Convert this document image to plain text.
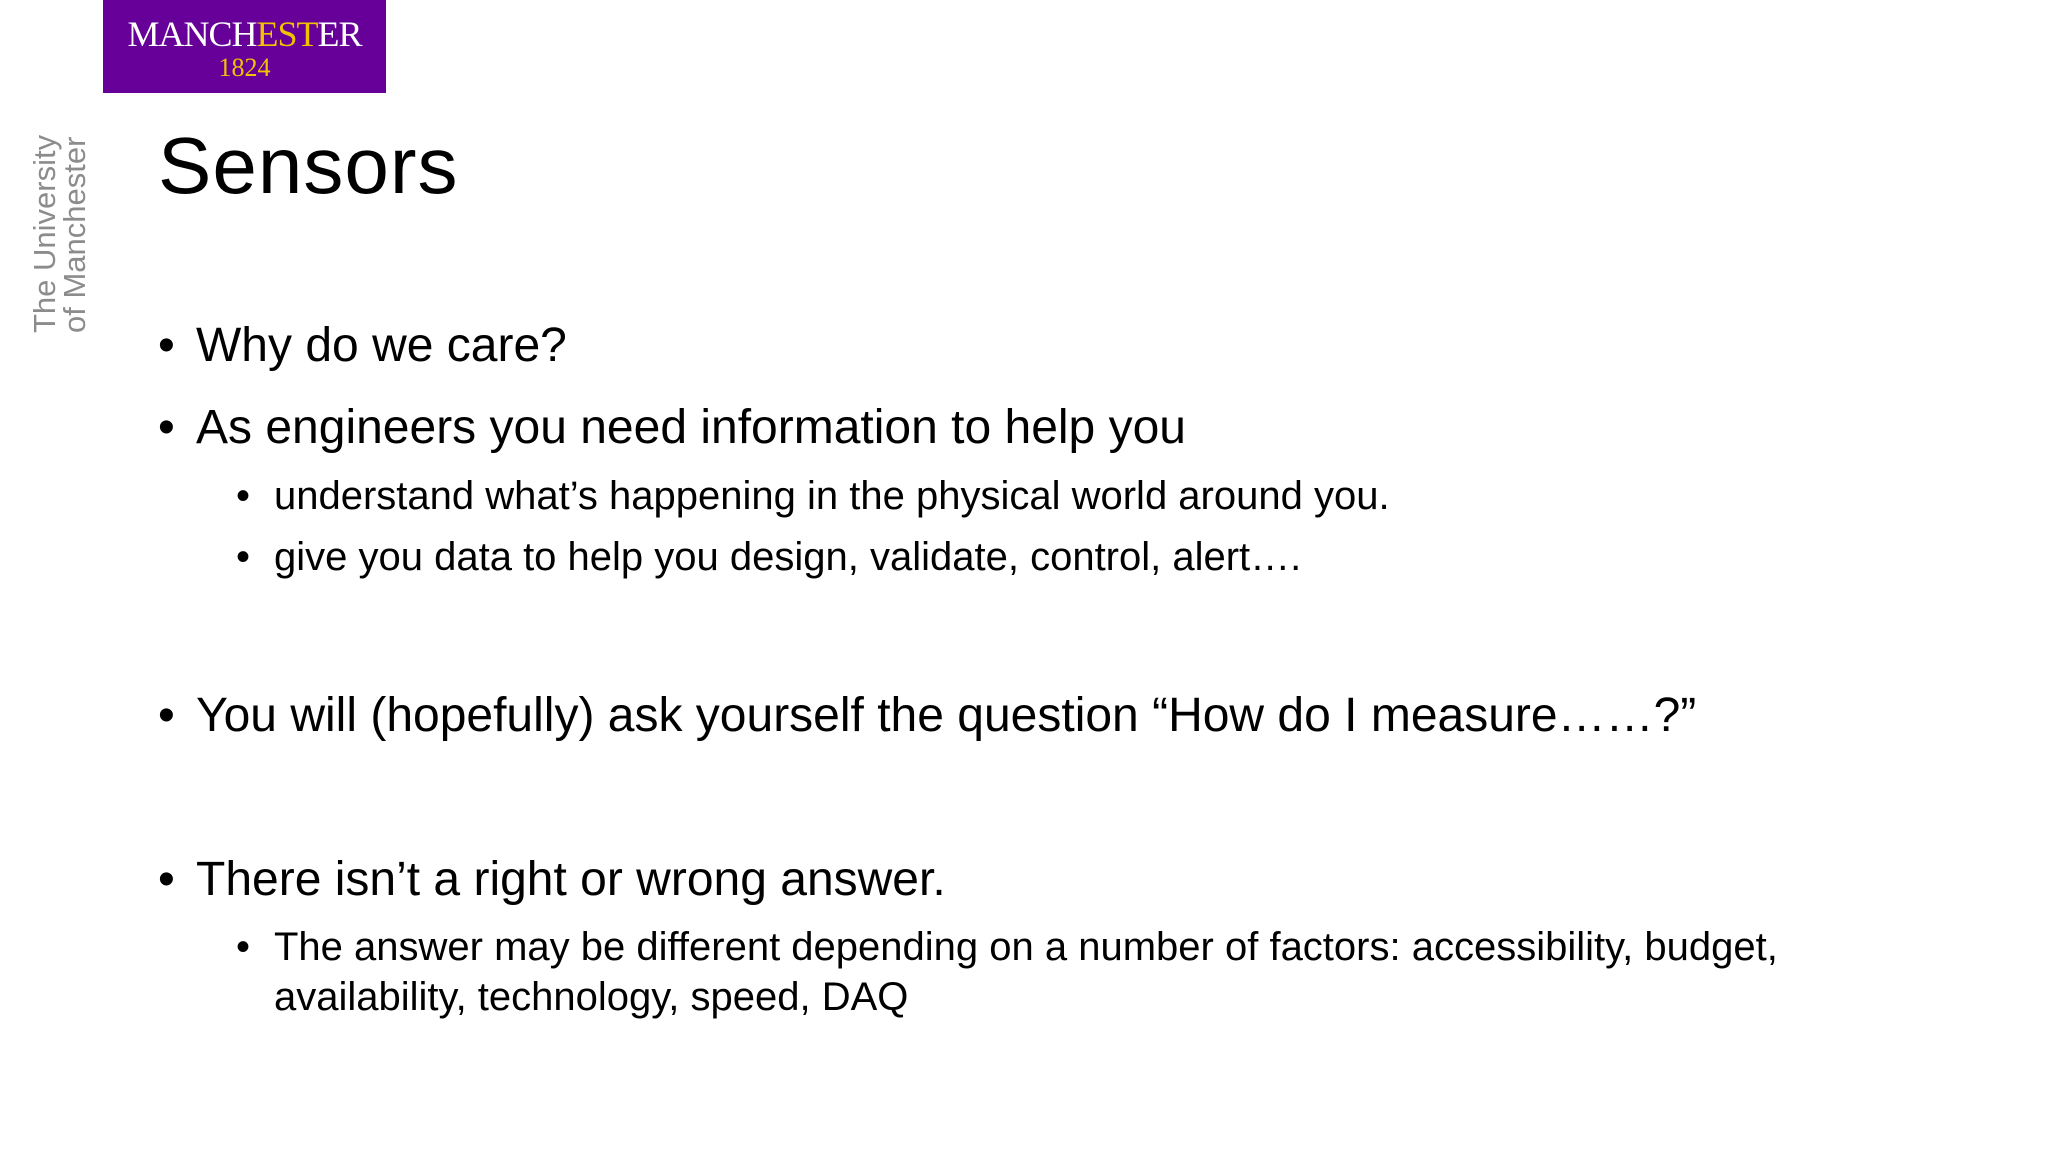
MANCHESTER
1824
The University
of Manchester Sensors
• Why do we care?
• As engineers you need information to help you
• understand what’s happening in the physical world around you.
• give you data to help you design, validate, control, alert….
• You will (hopefully) ask yourself the question “How do I measure……?”
• There isn’t a right or wrong answer.
• The answer may be different depending on a number of factors: accessibility, budget,
availability, technology, speed, DAQ
